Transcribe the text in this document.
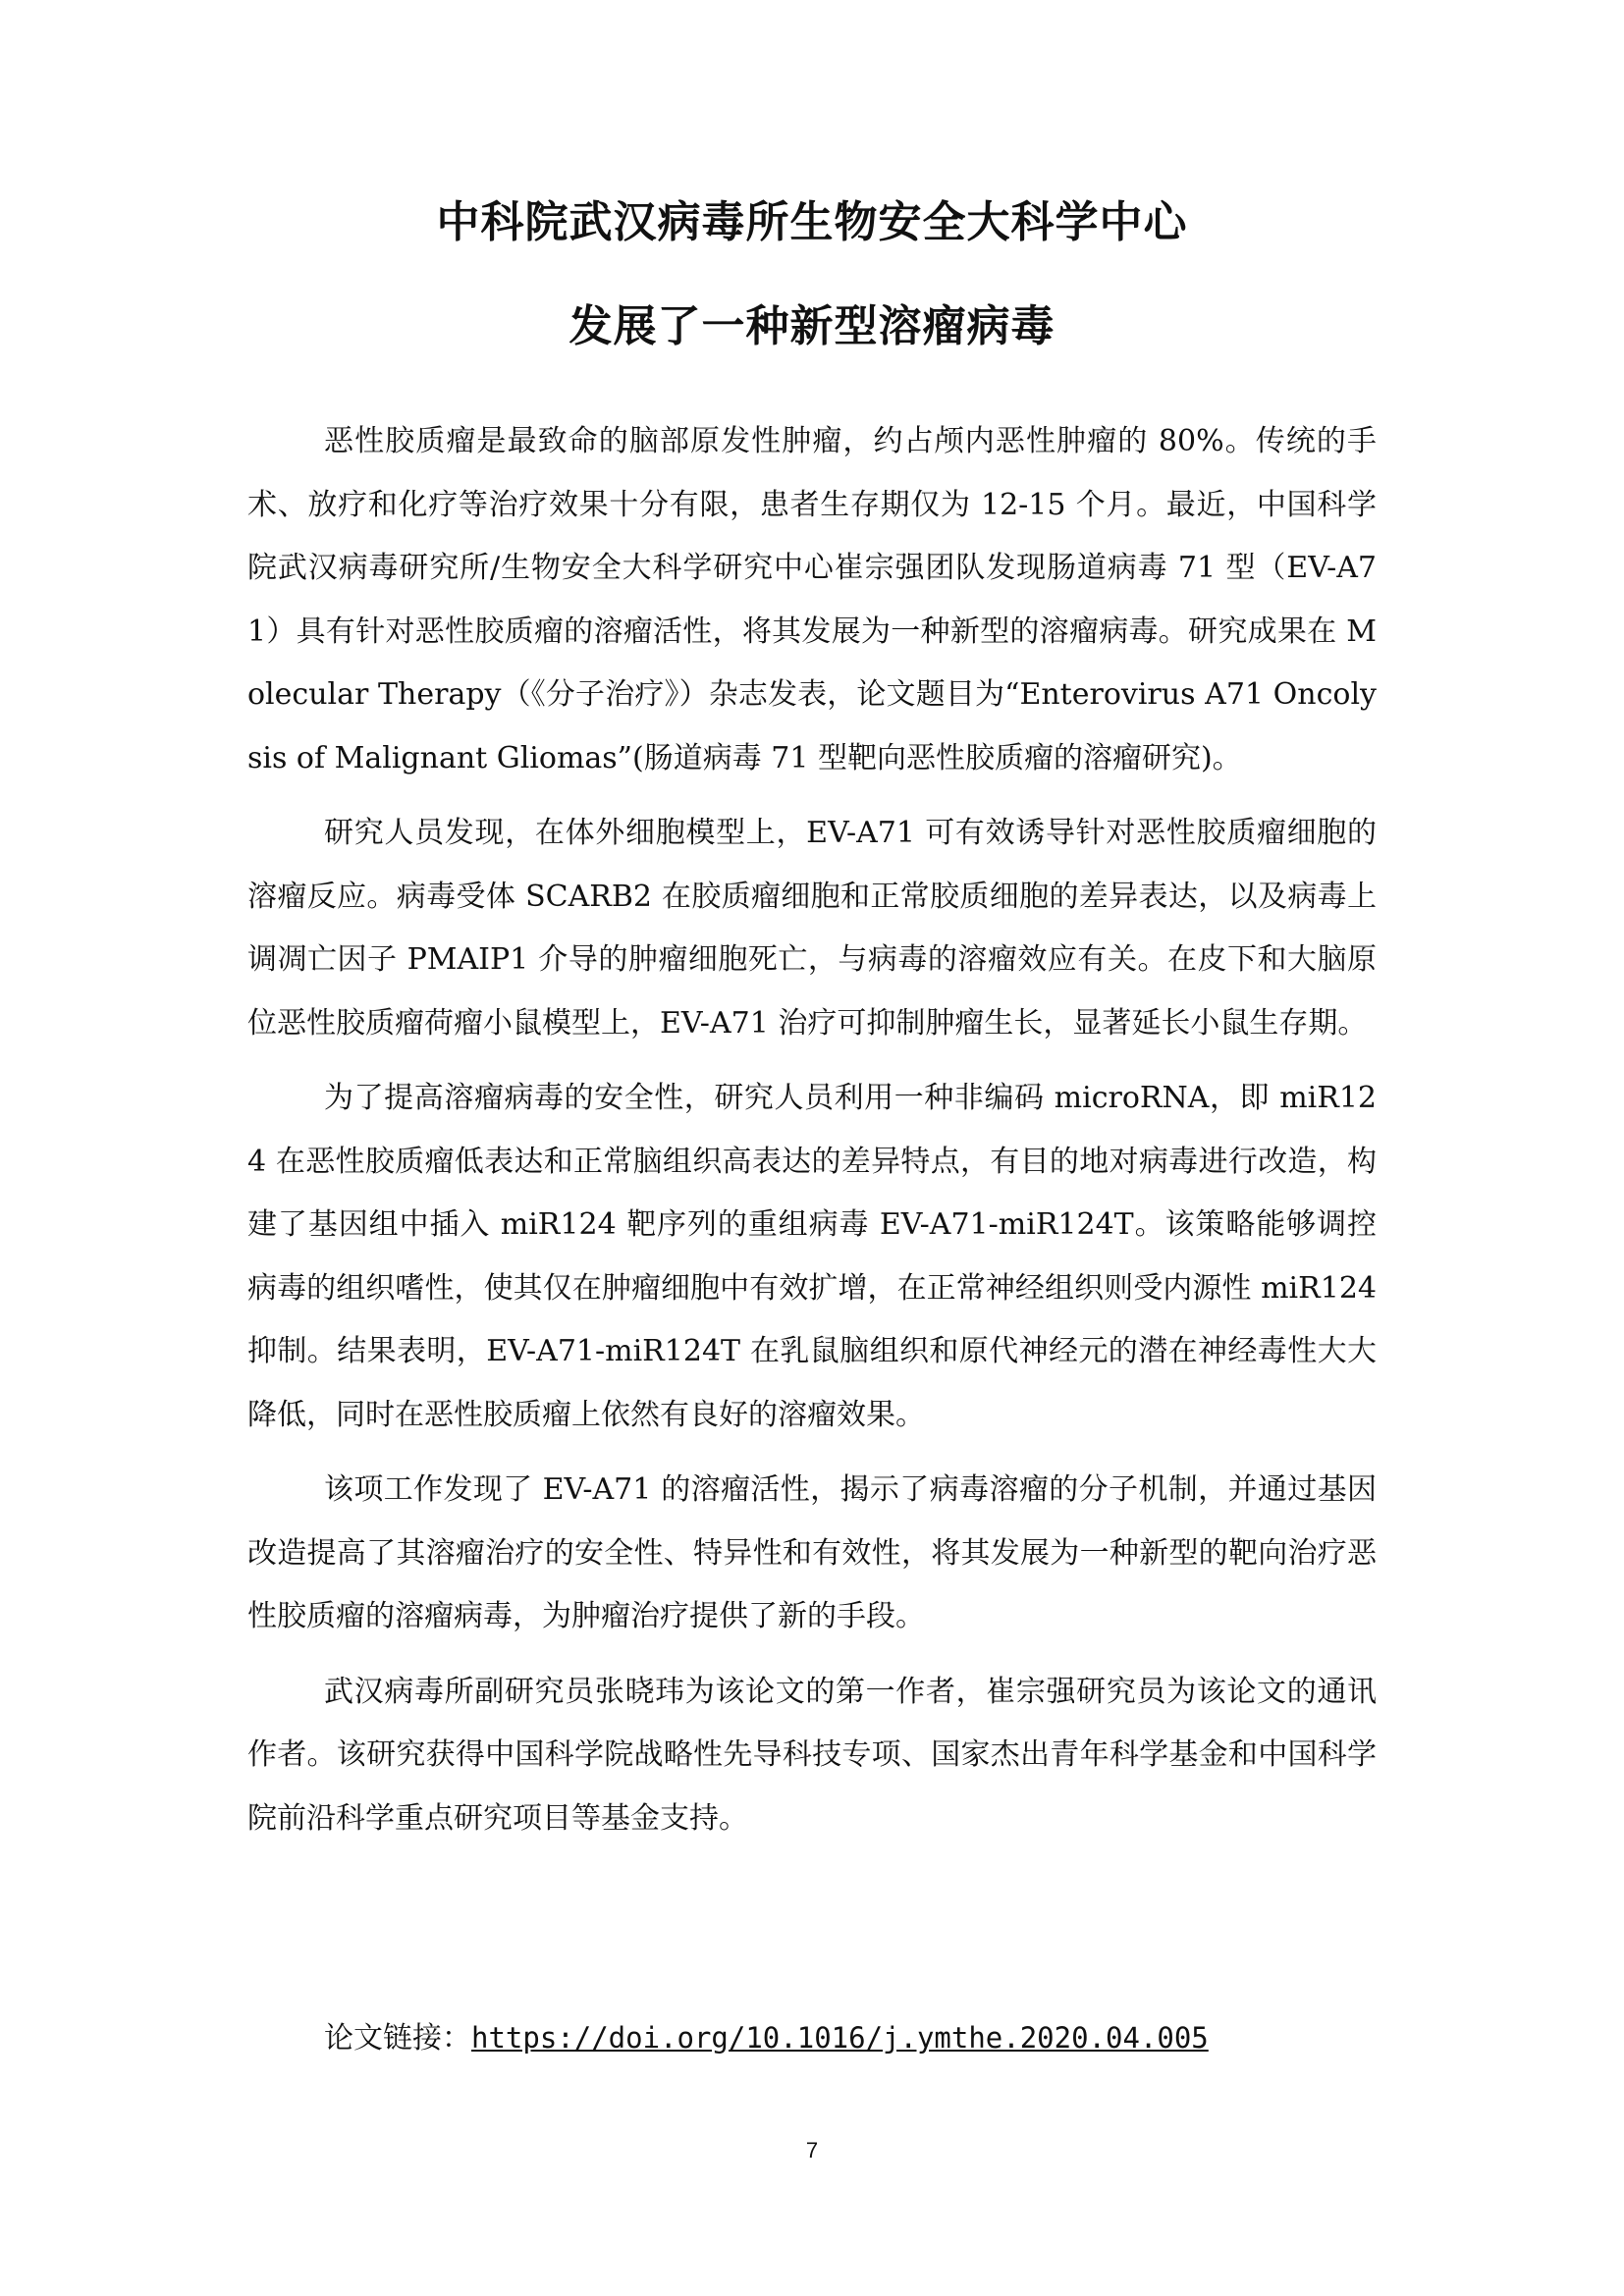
中科院武汉病毒所生物安全大科学中心

发展了一种新型溶瘤病毒

恶性胶质瘤是最致命的脑部原发性肿瘤，约占颅内恶性肿瘤的 80%。传统的手术、放疗和化疗等治疗效果十分有限，患者生存期仅为 12-15 个月。最近，中国科学院武汉病毒研究所/生物安全大科学研究中心崔宗强团队发现肠道病毒 71 型（EV-A71）具有针对恶性胶质瘤的溶瘤活性，将其发展为一种新型的溶瘤病毒。研究成果在 Molecular Therapy（《分子治疗》）杂志发表，论文题目为“Enterovirus A71 Oncolysis of Malignant Gliomas”(肠道病毒 71 型靶向恶性胶质瘤的溶瘤研究)。

研究人员发现，在体外细胞模型上，EV-A71 可有效诱导针对恶性胶质瘤细胞的溶瘤反应。病毒受体 SCARB2 在胶质瘤细胞和正常胶质细胞的差异表达，以及病毒上调凋亡因子 PMAIP1 介导的肿瘤细胞死亡，与病毒的溶瘤效应有关。在皮下和大脑原位恶性胶质瘤荷瘤小鼠模型上，EV-A71 治疗可抑制肿瘤生长，显著延长小鼠生存期。

为了提高溶瘤病毒的安全性，研究人员利用一种非编码 microRNA，即 miR124 在恶性胶质瘤低表达和正常脑组织高表达的差异特点，有目的地对病毒进行改造，构建了基因组中插入 miR124 靶序列的重组病毒 EV-A71-miR124T。该策略能够调控病毒的组织嗜性，使其仅在肿瘤细胞中有效扩增，在正常神经组织则受内源性 miR124 抑制。结果表明，EV-A71-miR124T 在乳鼠脑组织和原代神经元的潜在神经毒性大大降低，同时在恶性胶质瘤上依然有良好的溶瘤效果。

该项工作发现了 EV-A71 的溶瘤活性，揭示了病毒溶瘤的分子机制，并通过基因改造提高了其溶瘤治疗的安全性、特异性和有效性，将其发展为一种新型的靶向治疗恶性胶质瘤的溶瘤病毒，为肿瘤治疗提供了新的手段。

武汉病毒所副研究员张晓玮为该论文的第一作者，崔宗强研究员为该论文的通讯作者。该研究获得中国科学院战略性先导科技专项、国家杰出青年科学基金和中国科学院前沿科学重点研究项目等基金支持。

论文链接：https://doi.org/10.1016/j.ymthe.2020.04.005
7
